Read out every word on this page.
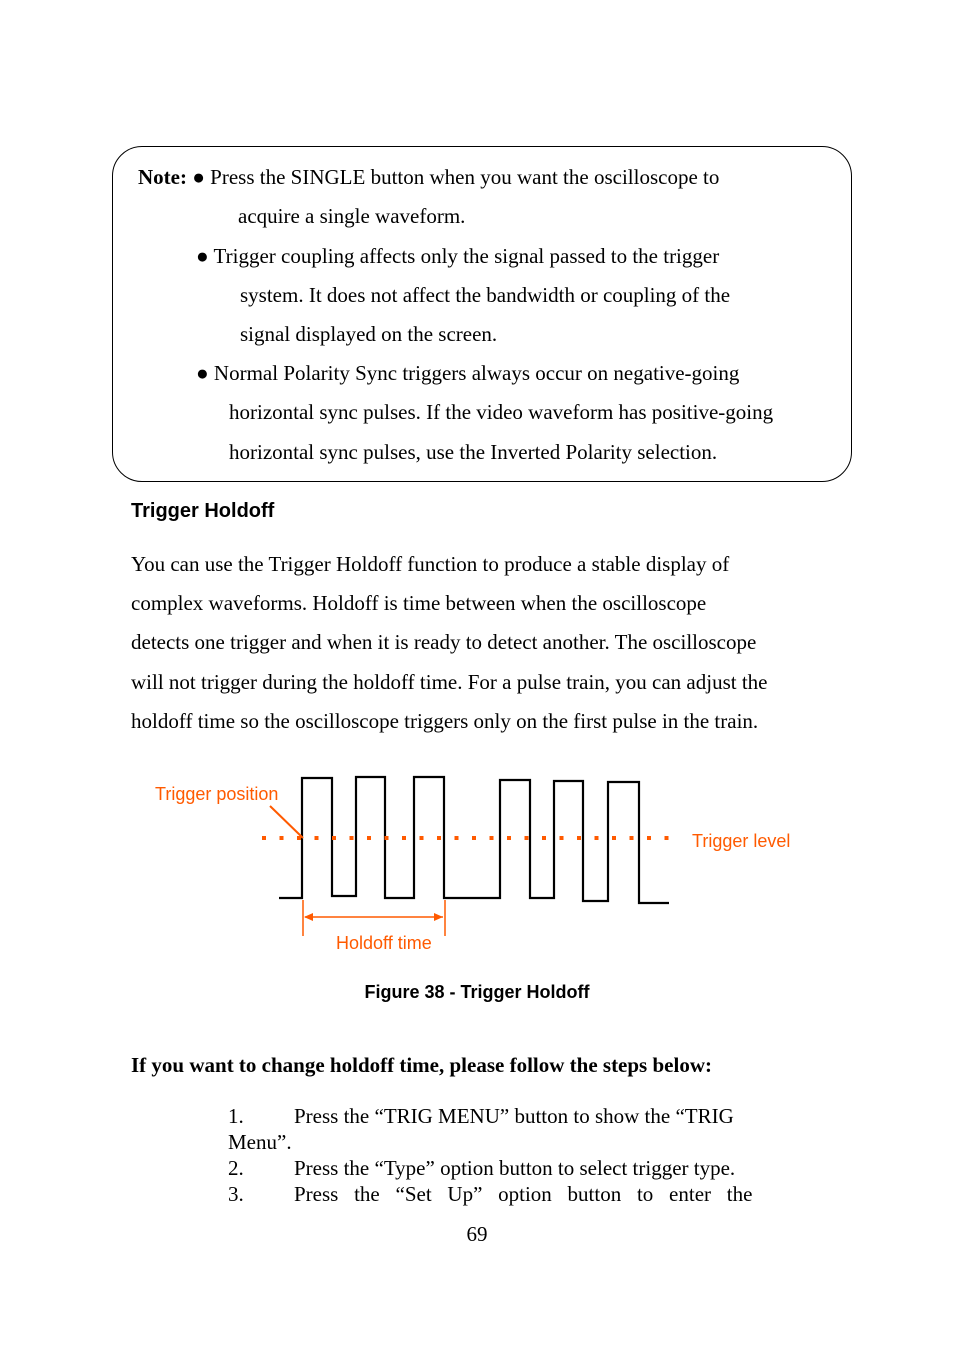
Note: ● Press the SINGLE button when you want the oscilloscope to
acquire a single waveform.
● Trigger coupling affects only the signal passed to the trigger
system. It does not affect the bandwidth or coupling of the
signal displayed on the screen.
● Normal Polarity Sync triggers always occur on negative-going
horizontal sync pulses. If the video waveform has positive-going
horizontal sync pulses, use the Inverted Polarity selection.
Trigger Holdoff
You can use the Trigger Holdoff function to produce a stable display of
complex waveforms. Holdoff is time between when the oscilloscope
detects one trigger and when it is ready to detect another. The oscilloscope
will not trigger during the holdoff time. For a pulse train, you can adjust the
holdoff time so the oscilloscope triggers only on the first pulse in the train.
Trigger position
Trigger level
Holdoff time
Figure 38 - Trigger Holdoff
If you want to change holdoff time, please follow the steps below:
1. Press the “TRIG MENU” button to show the “TRIG
Menu”.
2. Press the “Type” option button to select trigger type.
3. Press   the   “Set   Up”   option   button   to   enter   the
69
